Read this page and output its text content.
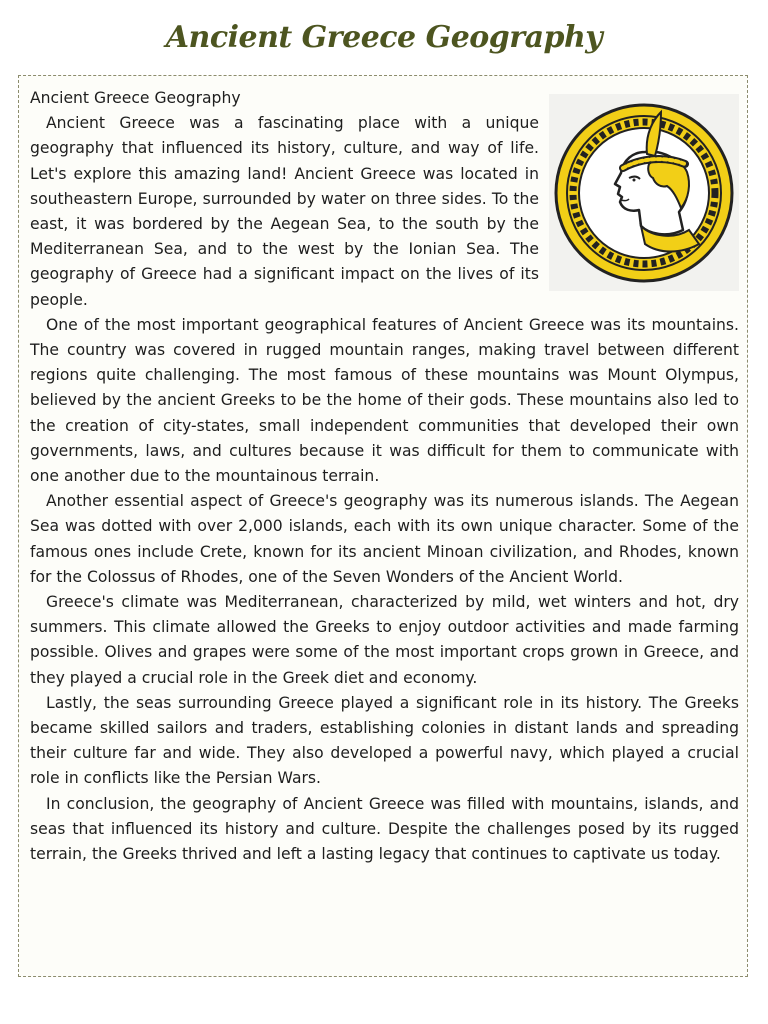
Ancient Greece Geography
Ancient Greece Geography

Ancient Greece was a fascinating place with a unique geography that influenced its history, culture, and way of life. Let's explore this amazing land! Ancient Greece was located in southeastern Europe, surrounded by water on three sides. To the east, it was bordered by the Aegean Sea, to the south by the Mediterranean Sea, and to the west by the Ionian Sea. The geography of Greece had a significant impact on the lives of its people.

One of the most important geographical features of Ancient Greece was its mountains. The country was covered in rugged mountain ranges, making travel between different regions quite challenging. The most famous of these mountains was Mount Olympus, believed by the ancient Greeks to be the home of their gods. These mountains also led to the creation of city-states, small independent communities that developed their own governments, laws, and cultures because it was difficult for them to communicate with one another due to the mountainous terrain.

Another essential aspect of Greece's geography was its numerous islands. The Aegean Sea was dotted with over 2,000 islands, each with its own unique character. Some of the famous ones include Crete, known for its ancient Minoan civilization, and Rhodes, known for the Colossus of Rhodes, one of the Seven Wonders of the Ancient World.

Greece's climate was Mediterranean, characterized by mild, wet winters and hot, dry summers. This climate allowed the Greeks to enjoy outdoor activities and made farming possible. Olives and grapes were some of the most important crops grown in Greece, and they played a crucial role in the Greek diet and economy.

Lastly, the seas surrounding Greece played a significant role in its history. The Greeks became skilled sailors and traders, establishing colonies in distant lands and spreading their culture far and wide. They also developed a powerful navy, which played a crucial role in conflicts like the Persian Wars.

In conclusion, the geography of Ancient Greece was filled with mountains, islands, and seas that influenced its history and culture. Despite the challenges posed by its rugged terrain, the Greeks thrived and left a lasting legacy that continues to captivate us today.
